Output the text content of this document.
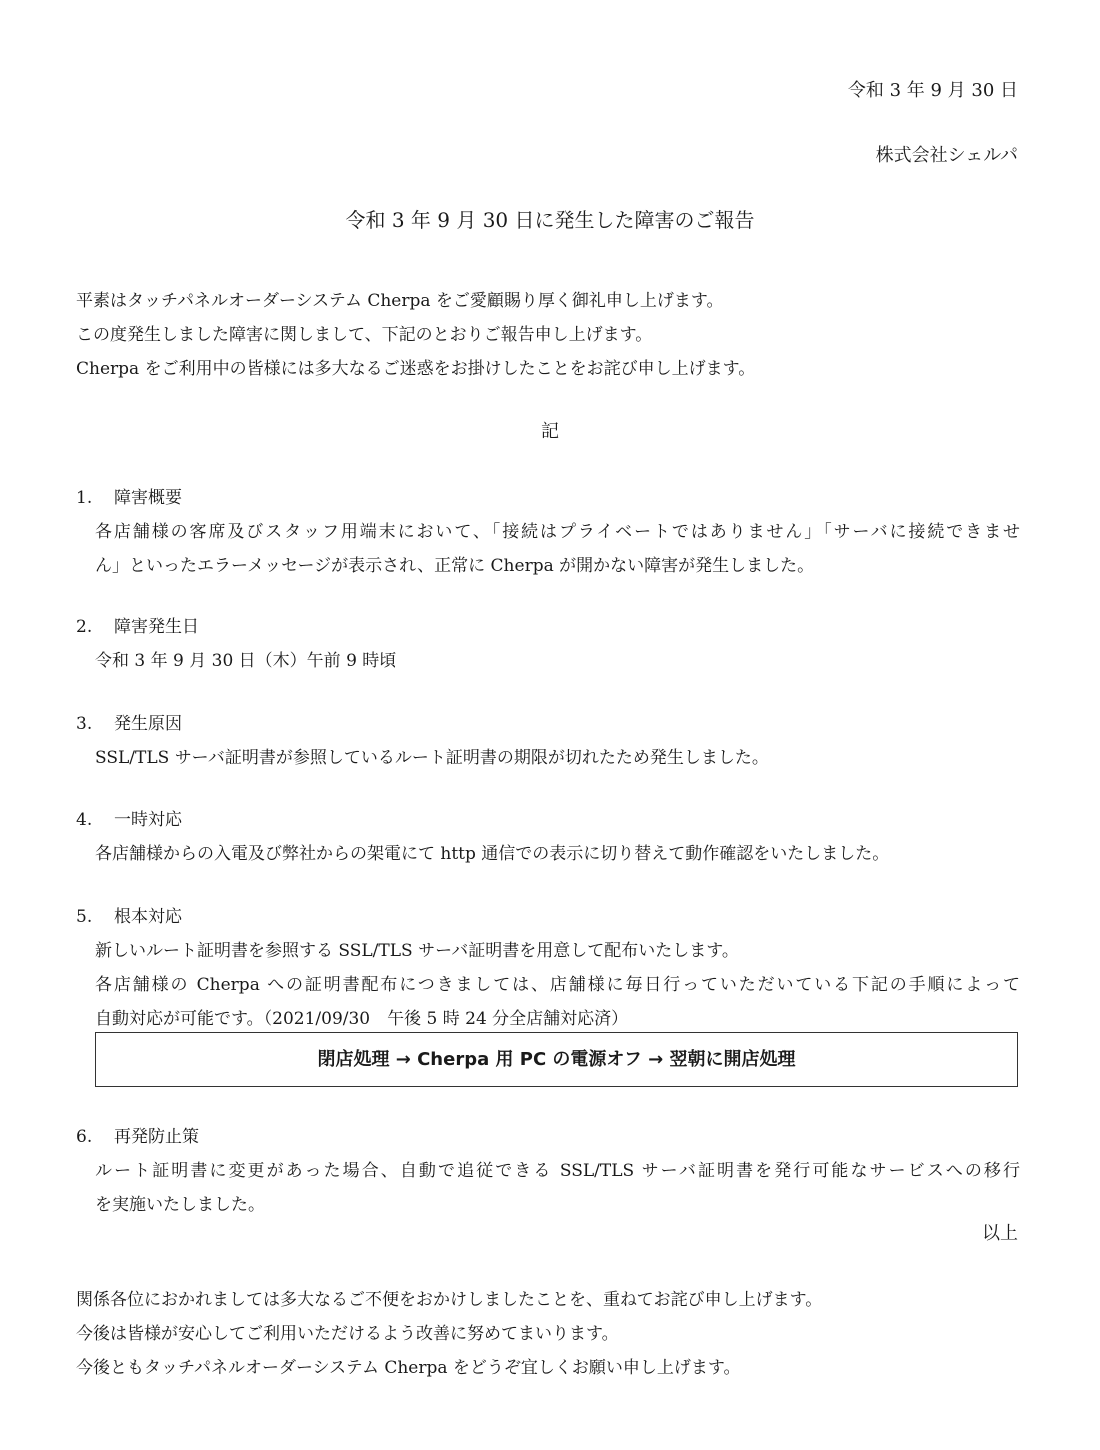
令和 3 年 9 月 30 日
株式会社シェルパ
令和 3 年 9 月 30 日に発生した障害のご報告
平素はタッチパネルオーダーシステム Cherpa をご愛顧賜り厚く御礼申し上げます。
この度発生しました障害に関しまして、下記のとおりご報告申し上げます。
Cherpa をご利用中の皆様には多大なるご迷惑をお掛けしたことをお詫び申し上げます。
記
1. 障害概要
各店舗様の客席及びスタッフ用端末において、「接続はプライベートではありません」「サーバに接続できませ
ん」といったエラーメッセージが表示され、正常に Cherpa が開かない障害が発生しました。
2. 障害発生日
令和 3 年 9 月 30 日（木）午前 9 時頃
3. 発生原因
SSL/TLS サーバ証明書が参照しているルート証明書の期限が切れたため発生しました。
4. 一時対応
各店舗様からの入電及び弊社からの架電にて http 通信での表示に切り替えて動作確認をいたしました。
5. 根本対応
新しいルート証明書を参照する SSL/TLS サーバ証明書を用意して配布いたします。
各店舗様の Cherpa への証明書配布につきましては、店舗様に毎日行っていただいている下記の手順によって
自動対応が可能です。（2021/09/30　午後 5 時 24 分全店舗対応済）
閉店処理 → Cherpa 用 PC の電源オフ → 翌朝に開店処理
6. 再発防止策
ルート証明書に変更があった場合、自動で追従できる SSL/TLS サーバ証明書を発行可能なサービスへの移行
を実施いたしました。
以上
関係各位におかれましては多大なるご不便をおかけしましたことを、重ねてお詫び申し上げます。
今後は皆様が安心してご利用いただけるよう改善に努めてまいります。
今後ともタッチパネルオーダーシステム Cherpa をどうぞ宜しくお願い申し上げます。
